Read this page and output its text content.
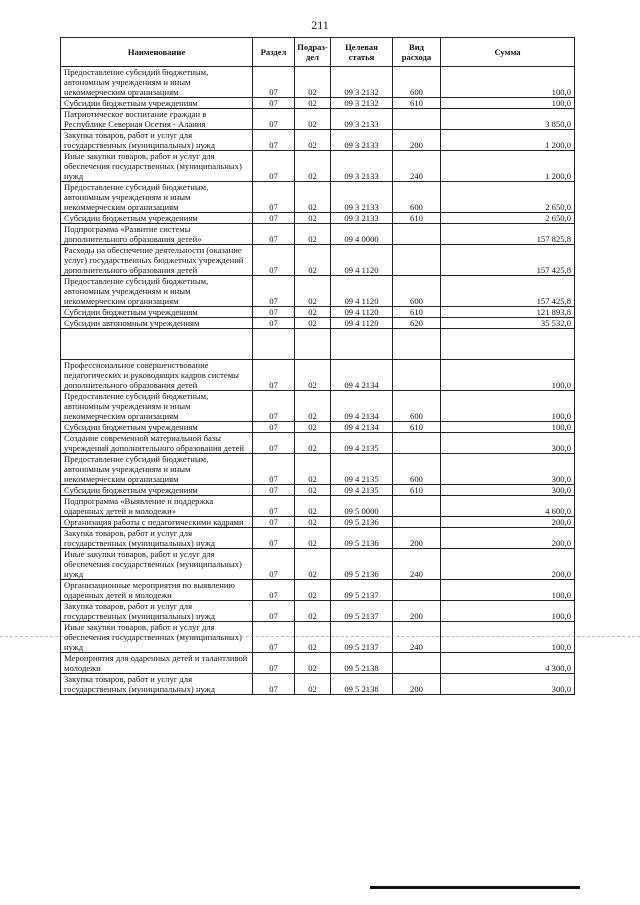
211
Наименование	Раздел	Подраз-дел	Целевая статья	Вид расхода	Сумма
Предоставление субсидий бюджетным, автономным учреждениям и иным некоммерческим организациям	07	02	09 3 2132	600	100,0
Субсидии бюджетным учреждениям	07	02	09 3 2132	610	100,0
Патриотическое воспитание граждан в Республике Северная Осетия - Алания	07	02	09 3 2133		3 850,0
Закупка товаров, работ и услуг для государственных (муниципальных) нужд	07	02	09 3 2133	200	1 200,0
Иные закупки товаров, работ и услуг для обеспечения государственных (муниципальных) нужд	07	02	09 3 2133	240	1 200,0
Предоставление субсидий бюджетным, автономным учреждениям и иным некоммерческим организациям	07	02	09 3 2133	600	2 650,0
Субсидии бюджетным учреждениям	07	02	09 3 2133	610	2 650,0
Подпрограмма «Развитие системы дополнительного образования детей»	07	02	09 4 0000		157 825,8
Расходы на обеспечение деятельности (оказание услуг) государственных бюджетных учреждений дополнительного образования детей	07	02	09 4 1120		157 425,8
Предоставление субсидий бюджетным, автономным учреждениям и иным некоммерческим организациям	07	02	09 4 1120	600	157 425,8
Субсидии бюджетным учреждениям	07	02	09 4 1120	610	121 893,8
Субсидии автономным учреждениям	07	02	09 4 1120	620	35 532,0

Профессиональное совершенствование педагогических и руководящих кадров системы дополнительного образования детей	07	02	09 4 2134		100,0
Предоставление субсидий бюджетным, автономным учреждениям и иным некоммерческим организациям	07	02	09 4 2134	600	100,0
Субсидии бюджетным учреждениям	07	02	09 4 2134	610	100,0
Создание современной материальной базы учреждений дополнительного образования детей	07	02	09 4 2135		300,0
Предоставление субсидий бюджетным, автономным учреждениям и иным некоммерческим организациям	07	02	09 4 2135	600	300,0
Субсидии бюджетным учреждениям	07	02	09 4 2135	610	300,0
Подпрограмма «Выявление и поддержка одаренных детей и молодежи»	07	02	09 5 0000		4 600,0
Организация работы с педагогическими кадрами	07	02	09 5 2136		200,0
Закупка товаров, работ и услуг для государственных (муниципальных) нужд	07	02	09 5 2136	200	200,0
Иные закупки товаров, работ и услуг для обеспечения государственных (муниципальных) нужд	07	02	09 5 2136	240	200,0
Организационные мероприятия по выявлению одаренных детей и молодежи	07	02	09 5 2137		100,0
Закупка товаров, работ и услуг для государственных (муниципальных) нужд	07	02	09 5 2137	200	100,0
Иные закупки товаров, работ и услуг для обеспечения государственных (муниципальных) нужд	07	02	09 5 2137	240	100,0
Мероприятия для одаренных детей и талантливой молодежи	07	02	09 5 2138		4 300,0
Закупка товаров, работ и услуг для государственных (муниципальных) нужд	07	02	09 5 2138	200	300,0
